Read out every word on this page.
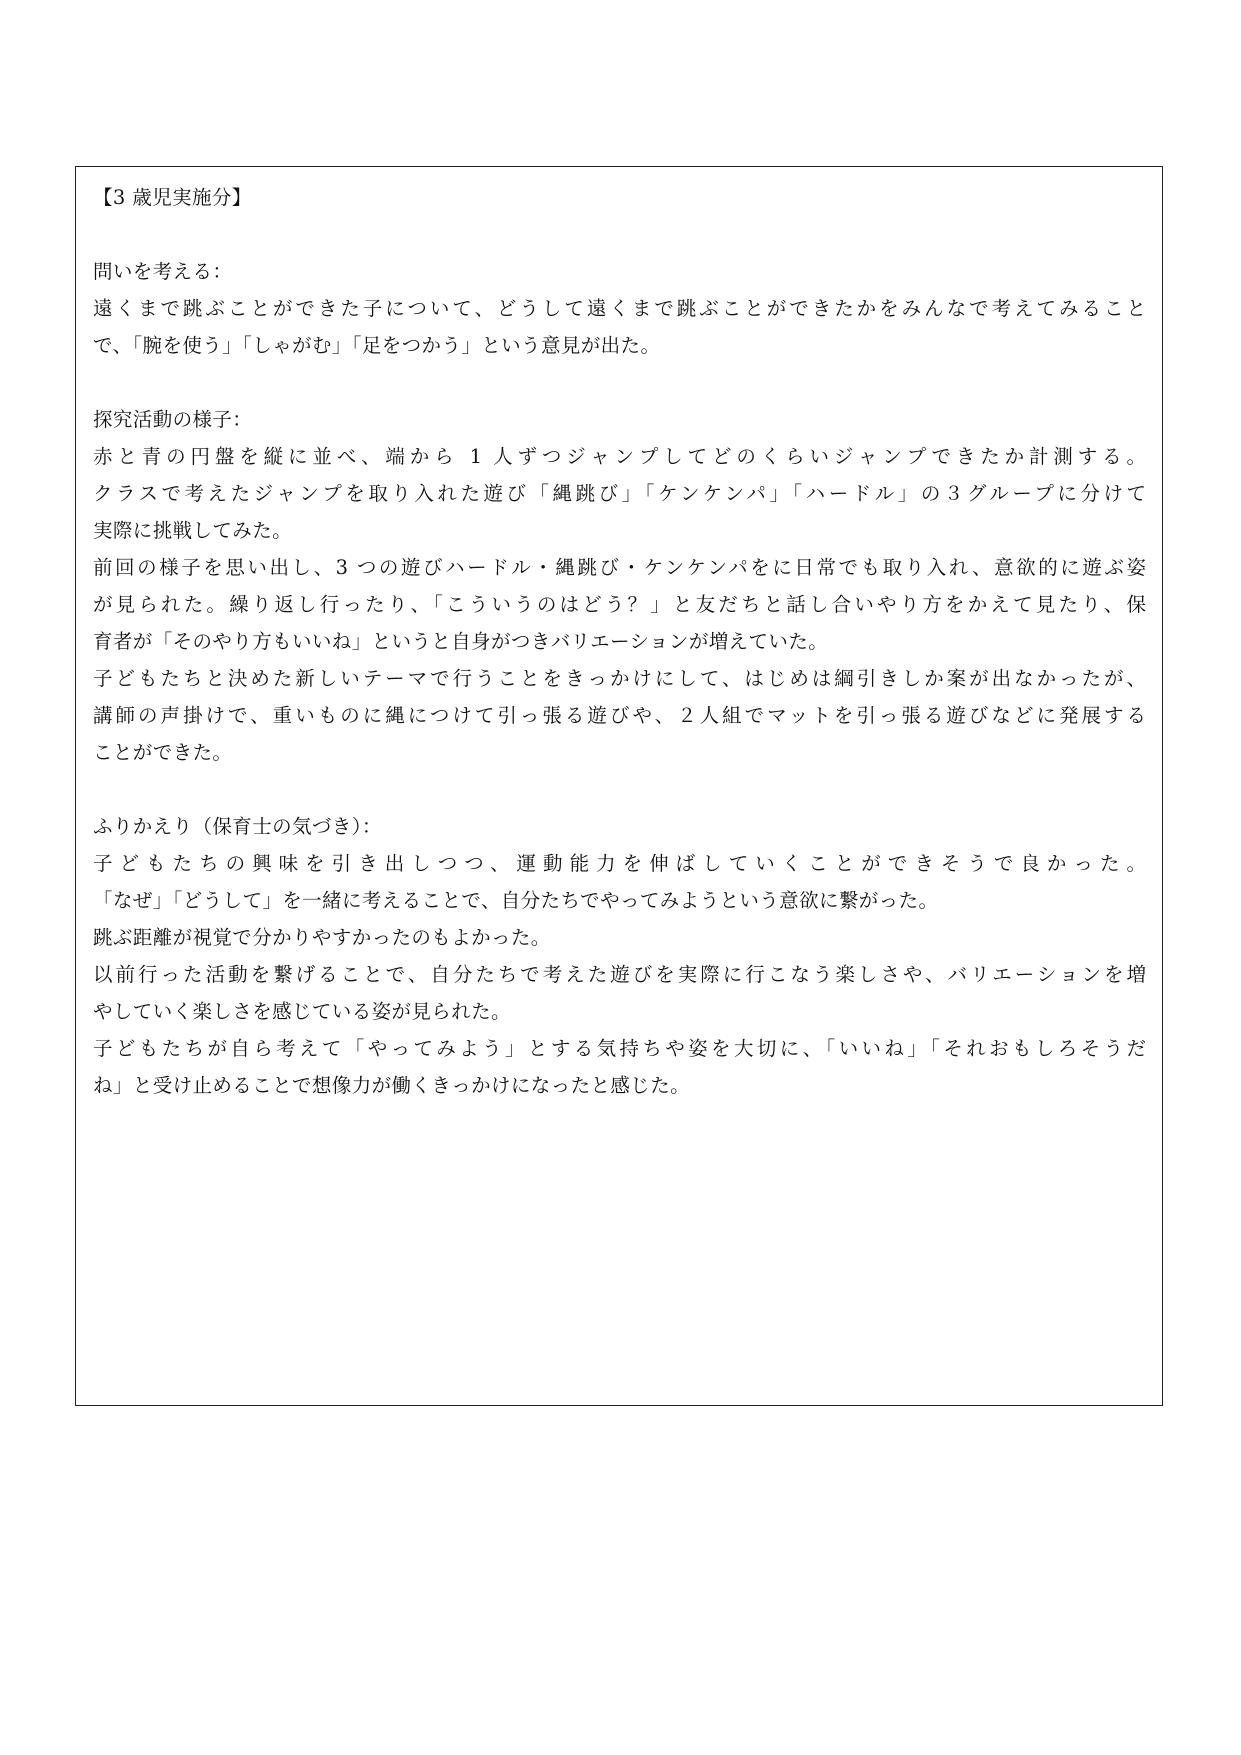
【3 歳児実施分】
問いを考える：
遠くまで跳ぶことができた子について、どうして遠くまで跳ぶことができたかをみんなで考えてみること
で、「腕を使う」「しゃがむ」「足をつかう」という意見が出た。
探究活動の様子：
赤と青の円盤を縦に並べ、端から 1 人ずつジャンプしてどのくらいジャンプできたか計測する。
クラスで考えたジャンプを取り入れた遊び「縄跳び」「ケンケンパ」「ハードル」の３グループに分けて
実際に挑戦してみた。
前回の様子を思い出し、3 つの遊びハードル・縄跳び・ケンケンパをに日常でも取り入れ、意欲的に遊ぶ姿
が見られた。繰り返し行ったり、「こういうのはどう？」と友だちと話し合いやり方をかえて見たり、保
育者が「そのやり方もいいね」というと自身がつきバリエーションが増えていた。
子どもたちと決めた新しいテーマで行うことをきっかけにして、はじめは綱引きしか案が出なかったが、
講師の声掛けで、重いものに縄につけて引っ張る遊びや、２人組でマットを引っ張る遊びなどに発展する
ことができた。
ふりかえり（保育士の気づき）：
子どもたちの興味を引き出しつつ、運動能力を伸ばしていくことができそうで良かった。
「なぜ」「どうして」を一緒に考えることで、自分たちでやってみようという意欲に繋がった。
跳ぶ距離が視覚で分かりやすかったのもよかった。
以前行った活動を繋げることで、自分たちで考えた遊びを実際に行こなう楽しさや、バリエーションを増
やしていく楽しさを感じている姿が見られた。
子どもたちが自ら考えて「やってみよう」とする気持ちや姿を大切に、「いいね」「それおもしろそうだ
ね」と受け止めることで想像力が働くきっかけになったと感じた。
